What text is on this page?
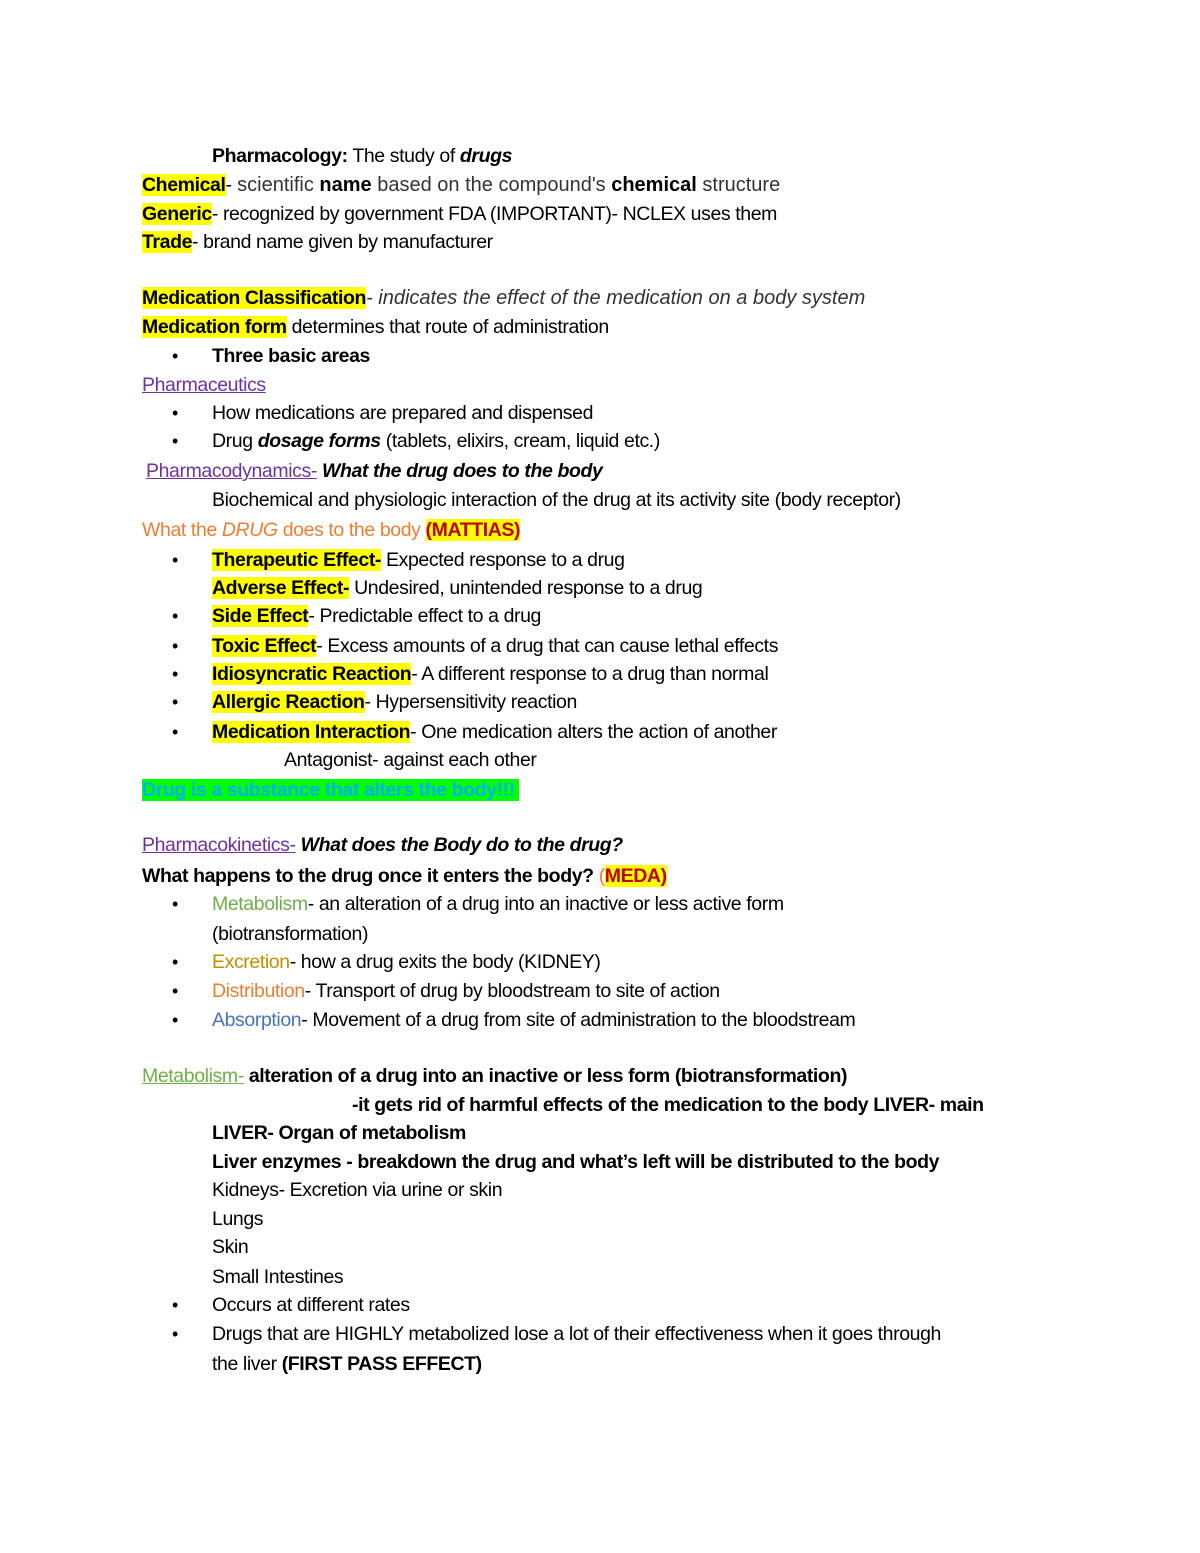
Pharmacology: The study of drugs
Chemical- scientific name based on the compound's chemical structure
Generic- recognized by government FDA (IMPORTANT)- NCLEX uses them
Trade- brand name given by manufacturer
Medication Classification- indicates the effect of the medication on a body system
Medication form determines that route of administration
• Three basic areas
Pharmaceutics
• How medications are prepared and dispensed
• Drug dosage forms (tablets, elixirs, cream, liquid etc.)
Pharmacodynamics- What the drug does to the body
Biochemical and physiologic interaction of the drug at its activity site (body receptor)
What the DRUG does to the body (MATTIAS)
• Therapeutic Effect- Expected response to a drug
Adverse Effect- Undesired, unintended response to a drug
• Side Effect- Predictable effect to a drug
• Toxic Effect- Excess amounts of a drug that can cause lethal effects
• Idiosyncratic Reaction- A different response to a drug than normal
• Allergic Reaction- Hypersensitivity reaction
• Medication Interaction- One medication alters the action of another
Antagonist- against each other
Drug is a substance that alters the body!!!
Pharmacokinetics- What does the Body do to the drug?
What happens to the drug once it enters the body? (MEDA)
• Metabolism- an alteration of a drug into an inactive or less active form
(biotransformation)
• Excretion- how a drug exits the body (KIDNEY)
• Distribution- Transport of drug by bloodstream to site of action
• Absorption- Movement of a drug from site of administration to the bloodstream
Metabolism- alteration of a drug into an inactive or less form (biotransformation)
-it gets rid of harmful effects of the medication to the body LIVER- main
LIVER- Organ of metabolism
Liver enzymes - breakdown the drug and what’s left will be distributed to the body
Kidneys- Excretion via urine or skin
Lungs
Skin
Small Intestines
• Occurs at different rates
• Drugs that are HIGHLY metabolized lose a lot of their effectiveness when it goes through
the liver (FIRST PASS EFFECT)
